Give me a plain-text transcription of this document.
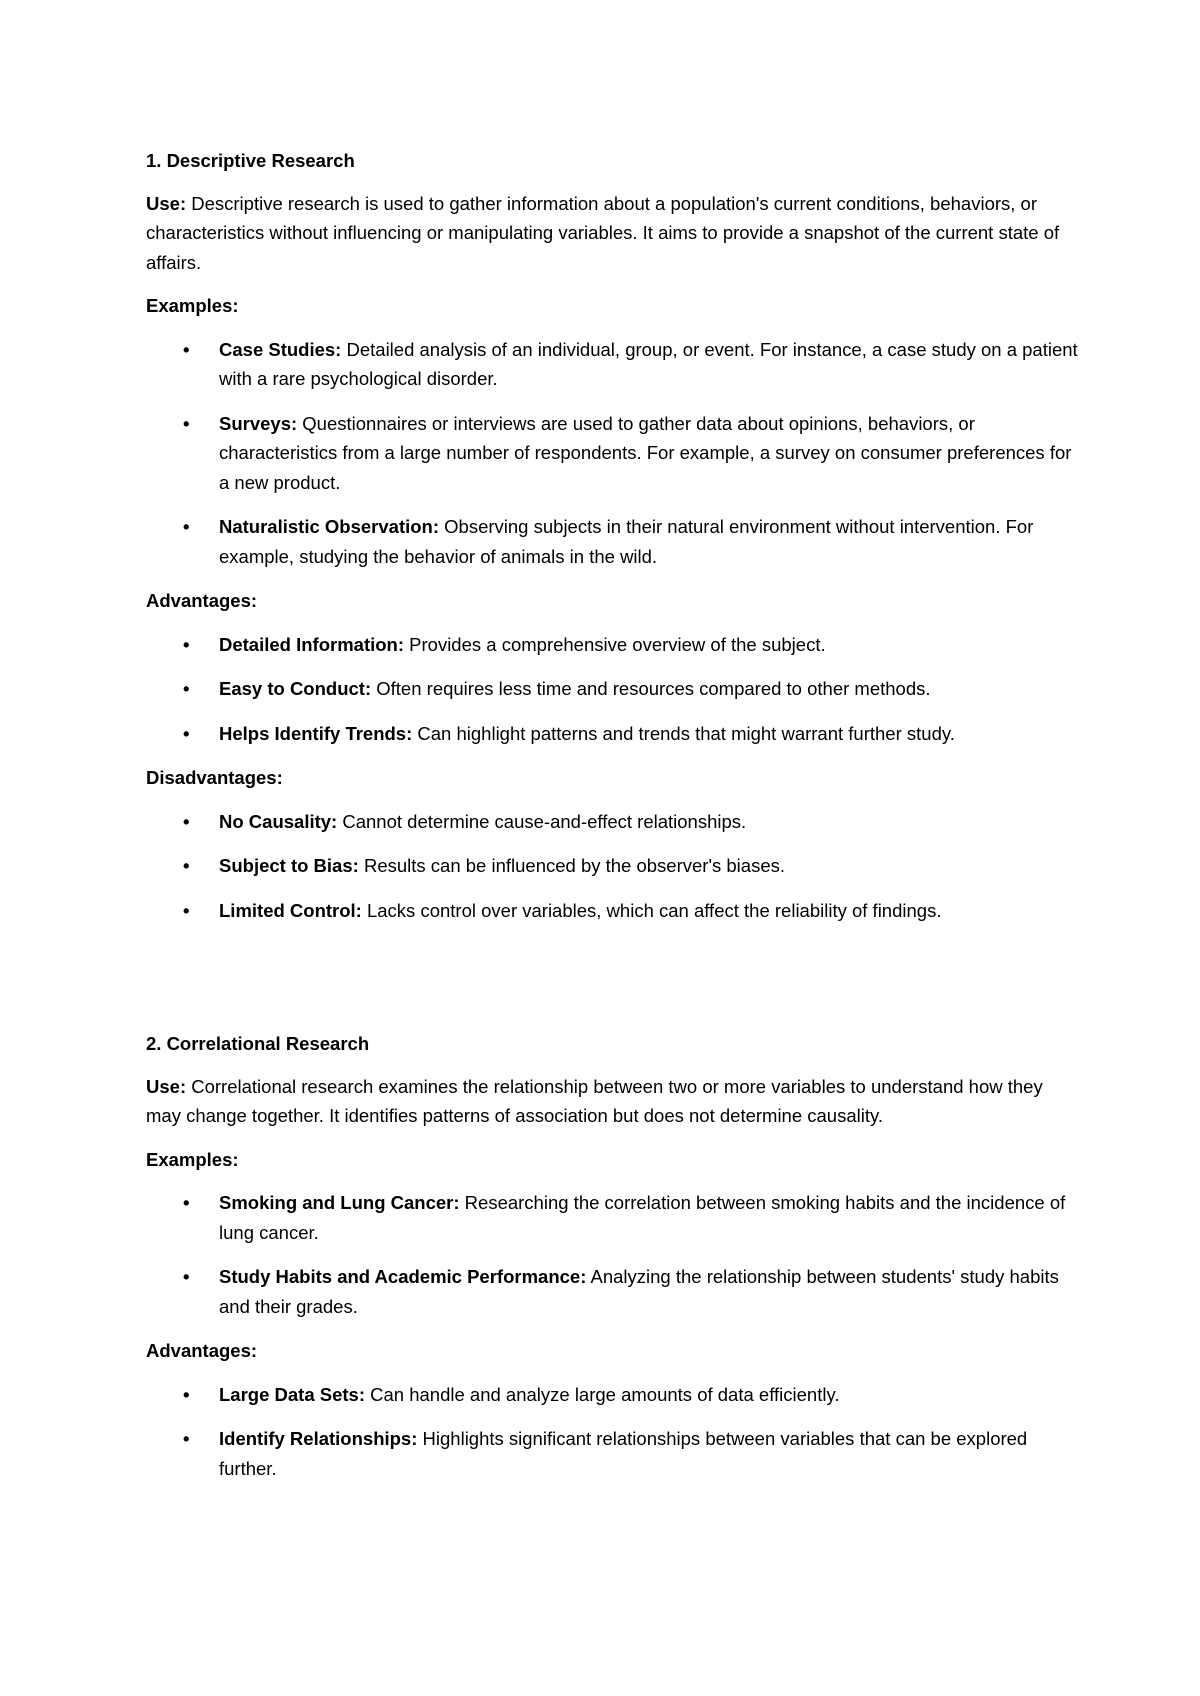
1. Descriptive Research
Use: Descriptive research is used to gather information about a population's current conditions, behaviors, or characteristics without influencing or manipulating variables. It aims to provide a snapshot of the current state of affairs.
Examples:
• Case Studies: Detailed analysis of an individual, group, or event. For instance, a case study on a patient with a rare psychological disorder.
• Surveys: Questionnaires or interviews are used to gather data about opinions, behaviors, or characteristics from a large number of respondents. For example, a survey on consumer preferences for a new product.
• Naturalistic Observation: Observing subjects in their natural environment without intervention. For example, studying the behavior of animals in the wild.
Advantages:
• Detailed Information: Provides a comprehensive overview of the subject.
• Easy to Conduct: Often requires less time and resources compared to other methods.
• Helps Identify Trends: Can highlight patterns and trends that might warrant further study.
Disadvantages:
• No Causality: Cannot determine cause-and-effect relationships.
• Subject to Bias: Results can be influenced by the observer's biases.
• Limited Control: Lacks control over variables, which can affect the reliability of findings.
2. Correlational Research
Use: Correlational research examines the relationship between two or more variables to understand how they may change together. It identifies patterns of association but does not determine causality.
Examples:
• Smoking and Lung Cancer: Researching the correlation between smoking habits and the incidence of lung cancer.
• Study Habits and Academic Performance: Analyzing the relationship between students' study habits and their grades.
Advantages:
• Large Data Sets: Can handle and analyze large amounts of data efficiently.
• Identify Relationships: Highlights significant relationships between variables that can be explored further.
